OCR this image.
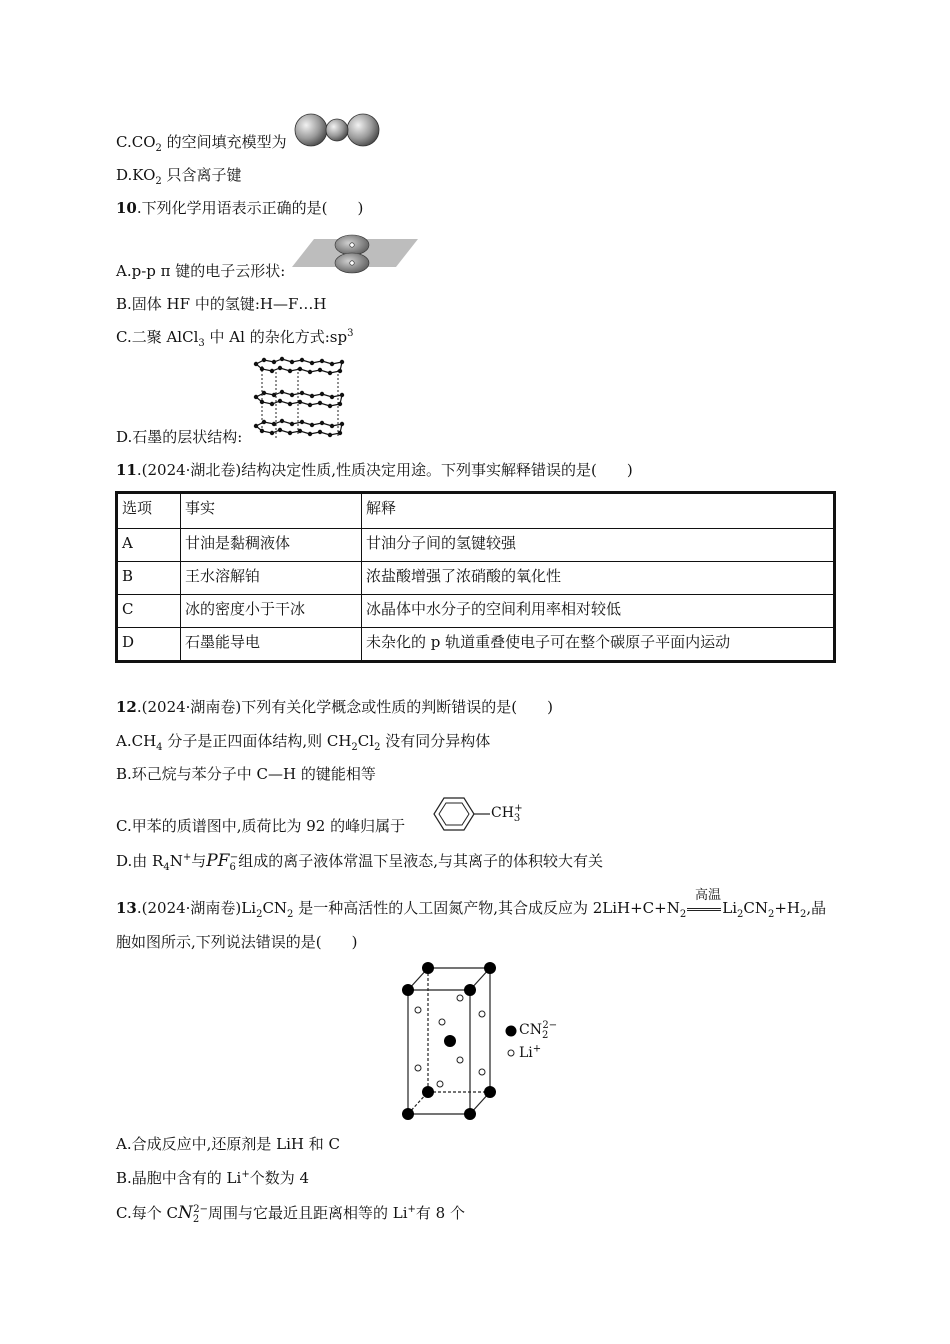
$C.CO_2$ 的空间填充模型为
$D.KO_2$ 只含离子键
10.下列化学用语表示正确的是(　　)
A.p-p π 键的电子云形状:
B.固体 HF 中的氢键:H—F…H
C.二聚 AlCl$_3$ 中 Al 的杂化方式$:sp^3$
D.石墨的层状结构:
11.(2024·湖北卷)结构决定性质,性质决定用途。下列事实解释错误的是(　　)
选项	事实	解释
A	甘油是黏稠液体	甘油分子间的氢键较强
B	王水溶解铂	浓盐酸增强了浓硝酸的氧化性
C	冰的密度小于干冰	冰晶体中水分子的空间利用率相对较低
D	石墨能导电	未杂化的 p 轨道重叠使电子可在整个碳原子平面内运动
12.(2024·湖南卷)下列有关化学概念或性质的判断错误的是(　　)
$A.CH_4$ 分子是正四面体结构,则 $CH_2Cl_2$ 没有同分异构体
B.环己烷与苯分子中 C—H 的键能相等
C.甲苯的质谱图中,质荷比为 92 的峰归属于
$CH_3^+$
D.由 $R_4N^+$与$PF_6^-$组成的离子液体常温下呈液态,与其离子的体积较大有关
13.(2024·湖南卷)$Li_2CN_2$ 是一种高活性的人工固氮产物,其合成反应为 $2LiH+C+N_2$ $Li_2CN_2+H_2$,晶
高温
胞如图所示,下列说法错误的是(　　)
$CN_2^{2-}$
Li+
A.合成反应中,还原剂是 LiH 和 C
B.晶胞中含有的 Li+个数为 4
C.每个 $CN_2^{2-}$周围与它最近且距离相等的 Li+有 8 个
